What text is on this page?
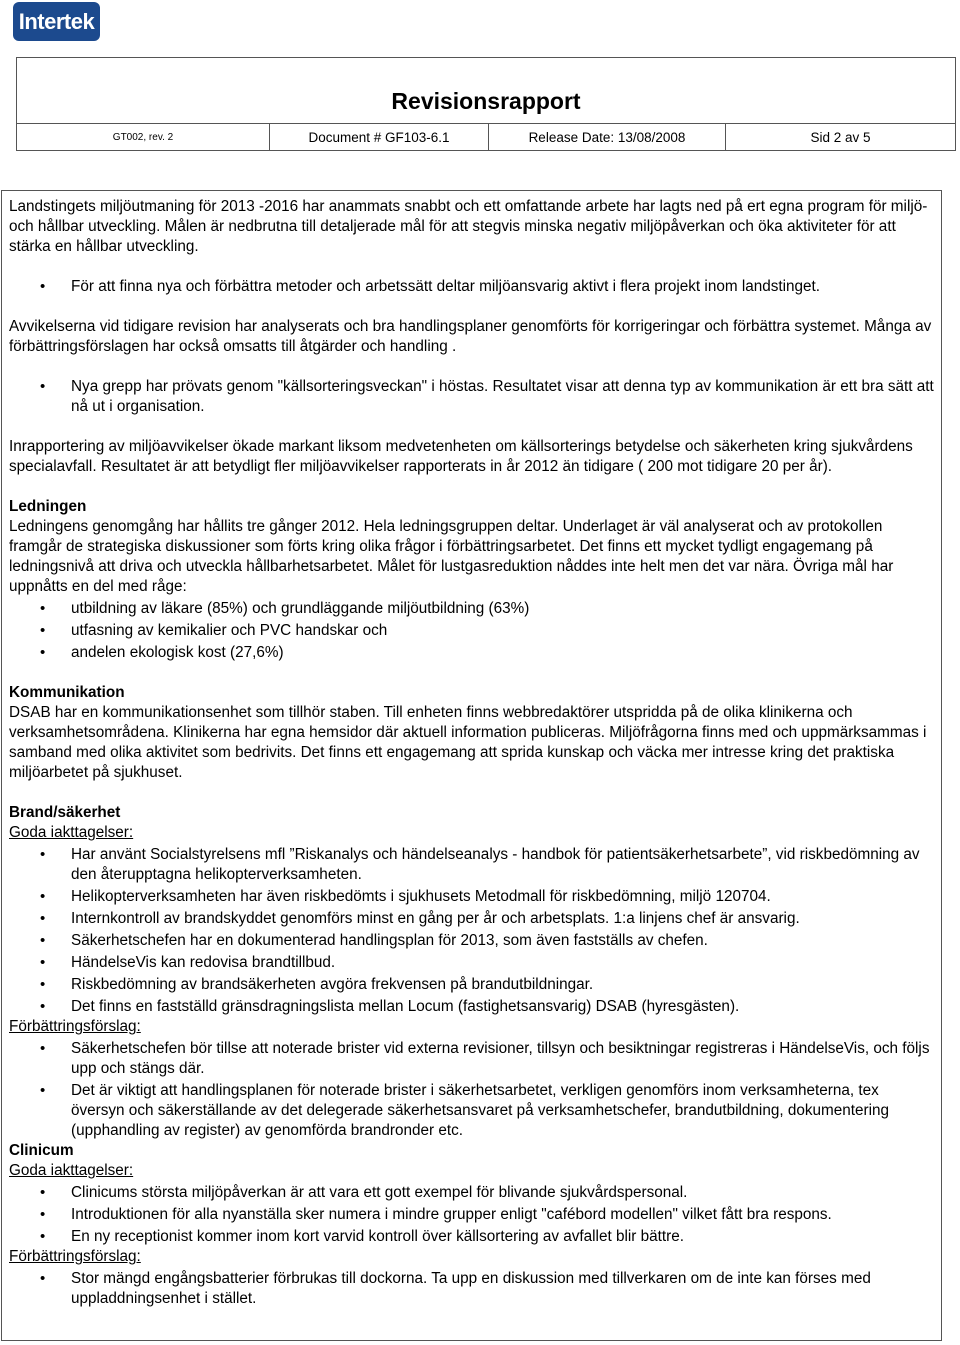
Intertek
Revisionsrapport
GT002, rev. 2	Document # GF103-6.1	Release Date: 13/08/2008	Sid 2 av 5

Landstingets miljöutmaning för 2013 -2016 har anammats snabbt och ett omfattande arbete har lagts ned på ert egna program för miljö- och hållbar utveckling. Målen är nedbrutna till detaljerade mål för att stegvis minska negativ miljöpåverkan och öka aktiviteter för att stärka en hållbar utveckling.

• För att finna nya och förbättra metoder och arbetssätt deltar miljöansvarig aktivt i flera projekt inom landstinget.

Avvikelserna vid tidigare revision har analyserats och bra handlingsplaner genomförts för korrigeringar och förbättra systemet. Många av förbättringsförslagen har också omsatts till åtgärder och handling .

• Nya grepp har prövats genom "källsorteringsveckan" i höstas. Resultatet visar att denna typ av kommunikation är ett bra sätt att nå ut i organisation.

Inrapportering av miljöavvikelser ökade markant liksom medvetenheten om källsorterings betydelse och säkerheten kring sjukvårdens specialavfall. Resultatet är att betydligt fler miljöavvikelser rapporterats in år 2012 än tidigare ( 200 mot tidigare 20 per år).

Ledningen

Ledningens genomgång har hållits tre gånger 2012. Hela ledningsgruppen deltar. Underlaget är väl analyserat och av protokollen framgår de strategiska diskussioner som förts kring olika frågor i förbättringsarbetet. Det finns ett mycket tydligt engagemang på ledningsnivå att driva och utveckla hållbarhetsarbetet. Målet för lustgasreduktion nåddes inte helt men det var nära. Övriga mål har uppnåtts en del med råge:

• utbildning av läkare (85%) och grundläggande miljöutbildning (63%)
• utfasning av kemikalier och PVC handskar och
• andelen ekologisk kost (27,6%)

Kommunikation

DSAB har en kommunikationsenhet som tillhör staben. Till enheten finns webbredaktörer utspridda på de olika klinikerna och verksamhetsområdena. Klinikerna har egna hemsidor där aktuell information publiceras. Miljöfrågorna finns med och uppmärksammas i samband med olika aktivitet som bedrivits. Det finns ett engagemang att sprida kunskap och väcka mer intresse kring det praktiska miljöarbetet på sjukhuset.

Brand/säkerhet

Goda iakttagelser:

• Har använt Socialstyrelsens mfl ”Riskanalys och händelseanalys - handbok för patientsäkerhetsarbete”, vid riskbedömning av den återupptagna helikopterverksamheten.
• Helikopterverksamheten har även riskbedömts i sjukhusets Metodmall för riskbedömning, miljö 120704.
• Internkontroll av brandskyddet genomförs minst en gång per år och arbetsplats. 1:a linjens chef är ansvarig.
• Säkerhetschefen har en dokumenterad handlingsplan för 2013, som även fastställs av chefen.
• HändelseVis kan redovisa brandtillbud.
• Riskbedömning av brandsäkerheten avgöra frekvensen på brandutbildningar.
• Det finns en fastställd gränsdragningslista mellan Locum (fastighetsansvarig) DSAB (hyresgästen).

Förbättringsförslag:

• Säkerhetschefen bör tillse att noterade brister vid externa revisioner, tillsyn och besiktningar registreras i HändelseVis, och följs upp och stängs där.
• Det är viktigt att handlingsplanen för noterade brister i säkerhetsarbetet, verkligen genomförs inom verksamheterna, tex översyn och säkerställande av det delegerade säkerhetsansvaret på verksamhetschefer, brandutbildning, dokumentering (upphandling av register) av genomförda brandronder etc.

Clinicum

Goda iakttagelser:

• Clinicums största miljöpåverkan är att vara ett gott exempel för blivande sjukvårdspersonal.
• Introduktionen för alla nyanställa sker numera i mindre grupper enligt "cafébord modellen" vilket fått bra respons.
• En ny receptionist kommer inom kort varvid kontroll över källsortering av avfallet blir bättre.

Förbättringsförslag:

• Stor mängd engångsbatterier förbrukas till dockorna. Ta upp en diskussion med tillverkaren om de inte kan förses med uppladdningsenhet i stället.
